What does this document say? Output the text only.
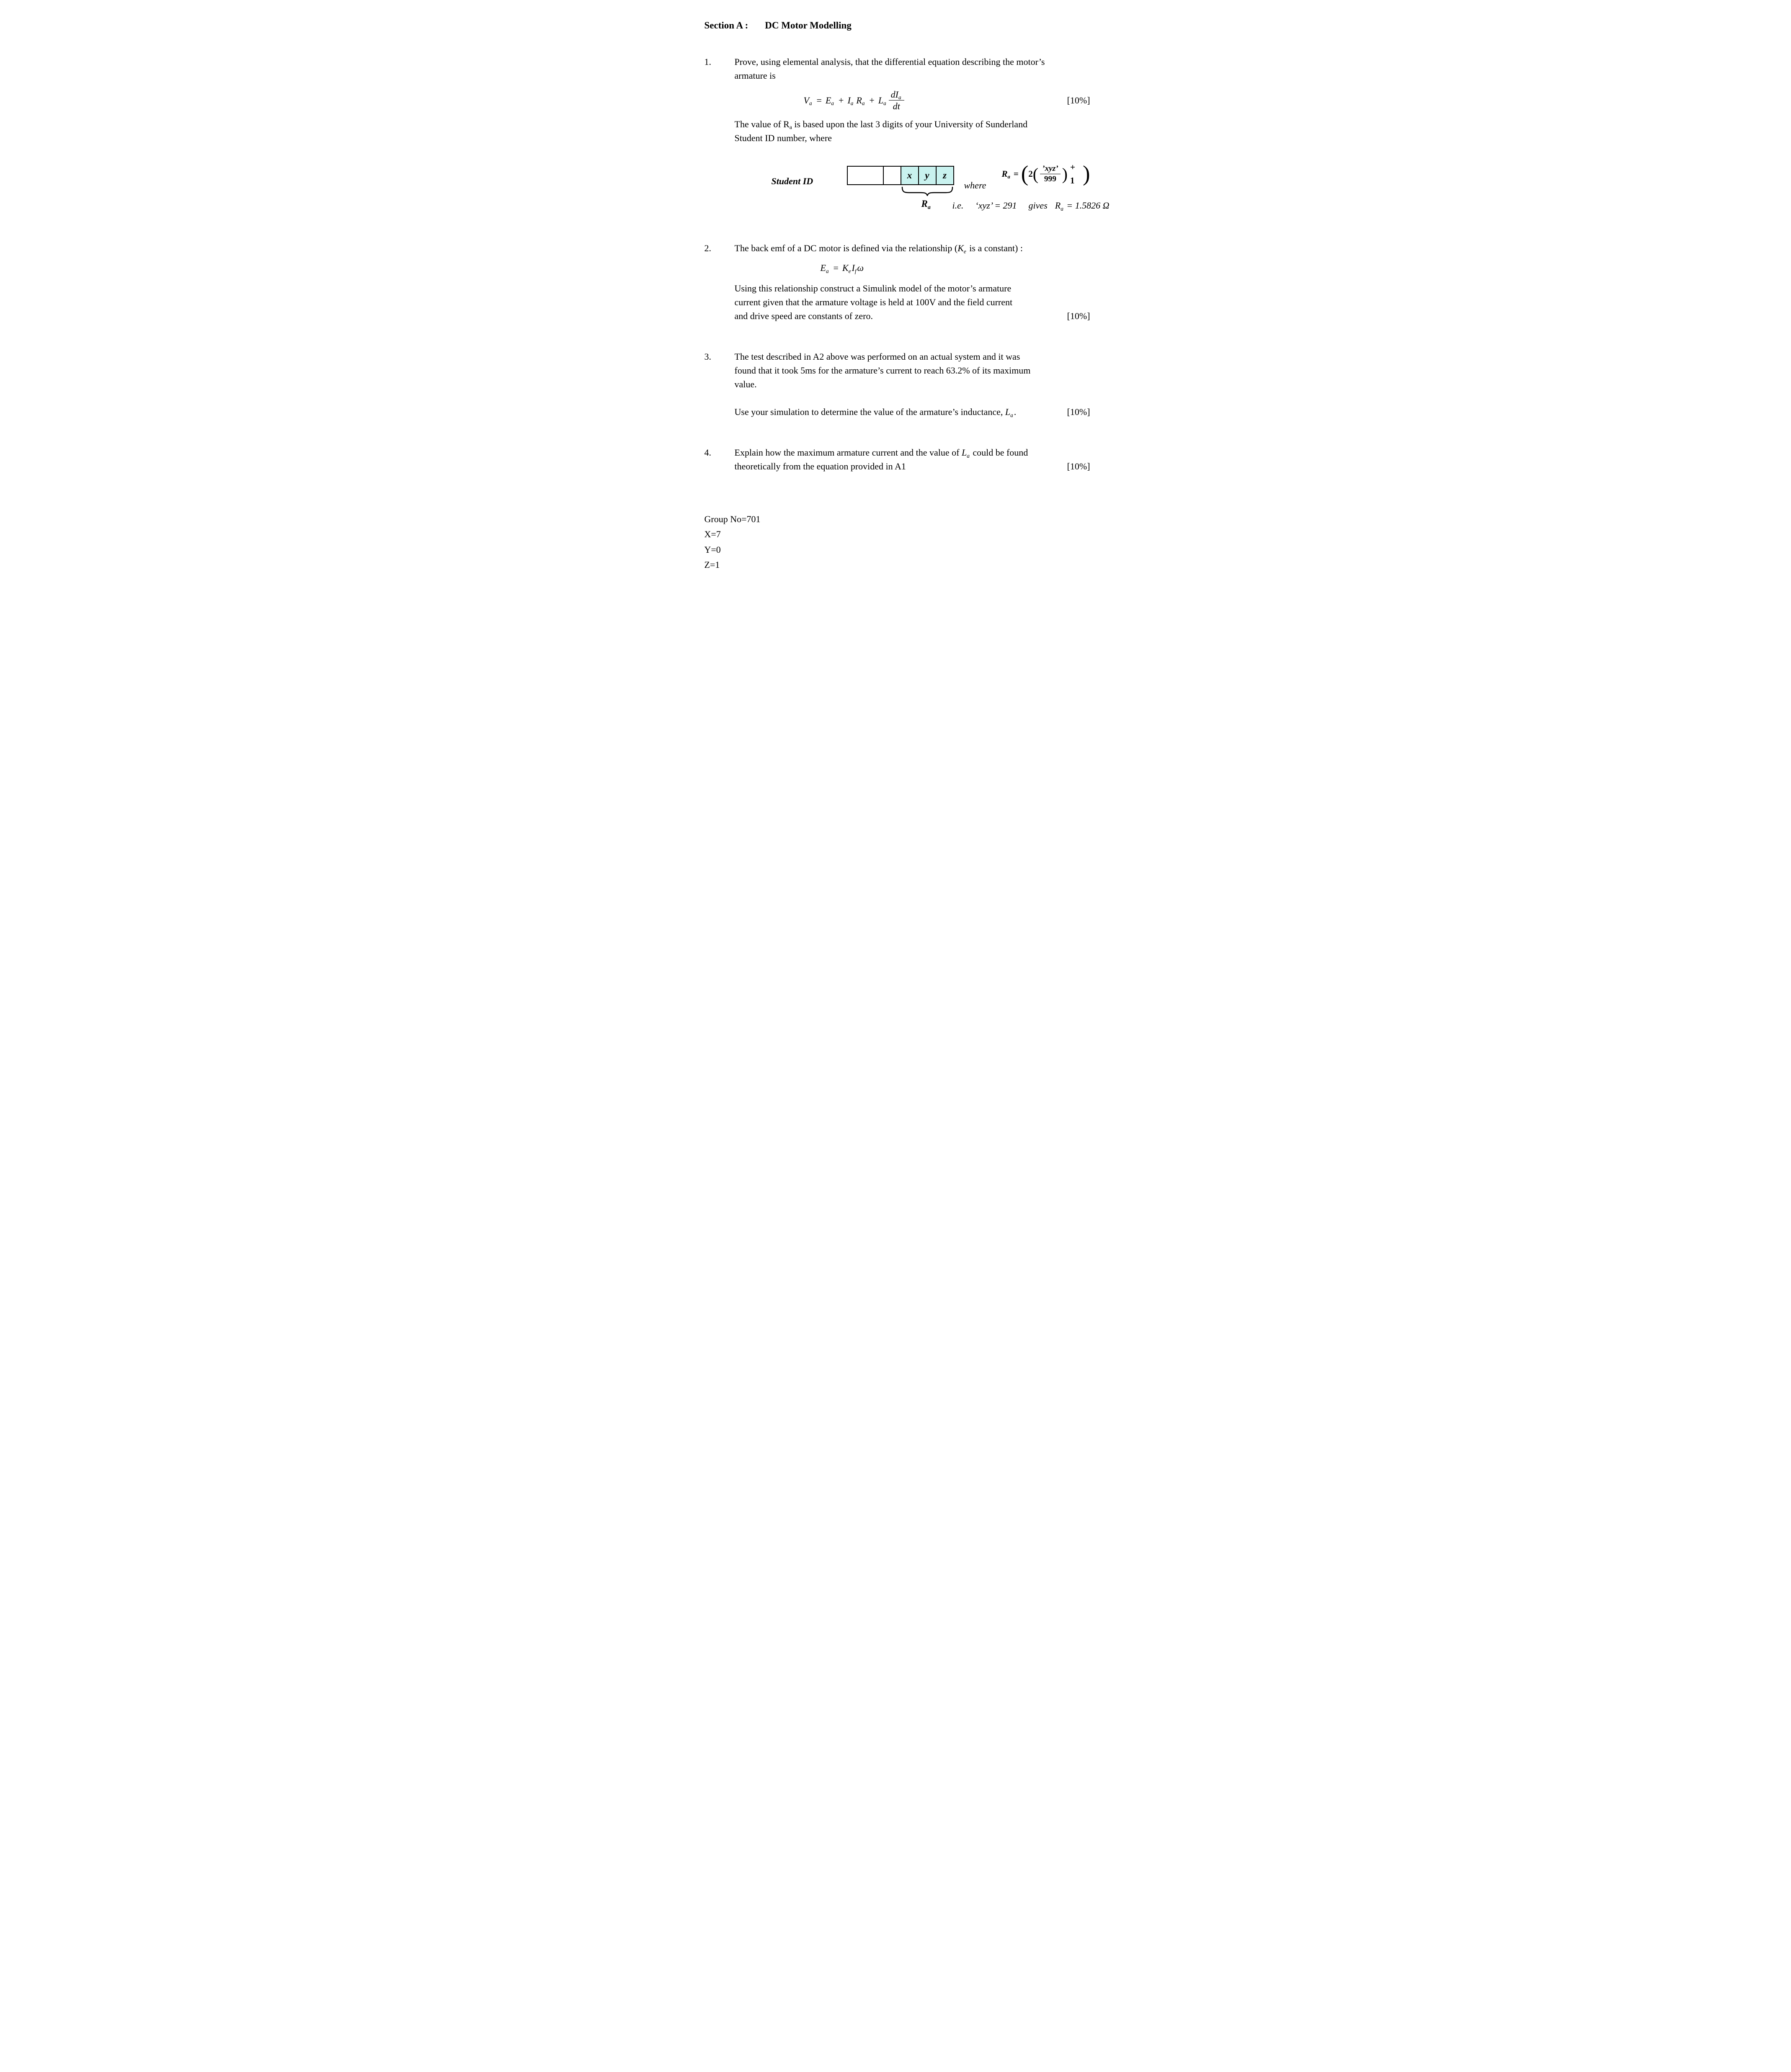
Section A : DC Motor Modelling
1.	Prove, using elemental analysis, that the differential equation describing the motor’s
armature is
$V_a = E_a + I_a$ $R_a + L_a \frac{dI_a}{dt}$	[10%]
The value of Ra is based upon the last 3 digits of your University of Sunderland
Student ID number, where
Student ID
x	y	z
$R_a$
where
$R_a$ = ( 2 ( $\frac{\text{’xyz’}}{999}$ ) + 1 )
i.e. ‘xyz’ = 291 gives $R_a = 1.5826$ Ω
2.	The back emf of a DC motor is defined via the relationship ($K_e$ is a constant) :
$E_a = K_e$ $I_f$ ω
Using this relationship construct a Simulink model of the motor’s armature
current given that the armature voltage is held at 100V and the field current
and drive speed are constants of zero.	[10%]
3.	The test described in A2 above was performed on an actual system and it was
found that it took 5ms for the armature’s current to reach 63.2% of its maximum
value.
Use your simulation to determine the value of the armature’s inductance, $L_a$.	[10%]
4.	Explain how the maximum armature current and the value of $L_a$ could be found
theoretically from the equation provided in A1	[10%]
Group No=701
X=7
Y=0
Z=1
